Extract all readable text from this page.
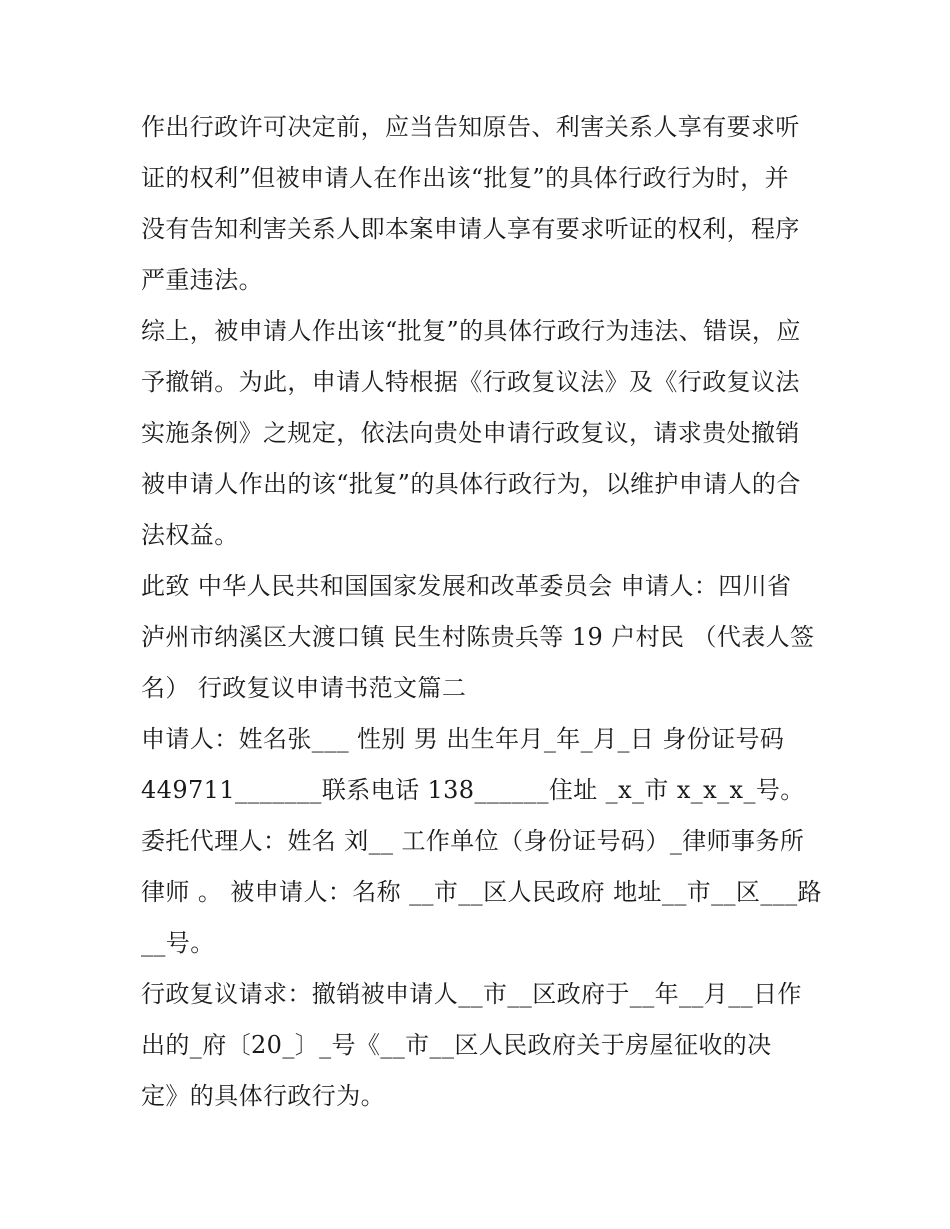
作出行政许可决定前，应当告知原告、利害关系人享有要求听
证的权利”但被申请人在作出该“批复”的具体行政行为时，并
没有告知利害关系人即本案申请人享有要求听证的权利，程序
严重违法。
综上，被申请人作出该“批复”的具体行政行为违法、错误，应
予撤销。为此，申请人特根据《行政复议法》及《行政复议法
实施条例》之规定，依法向贵处申请行政复议，请求贵处撤销
被申请人作出的该“批复”的具体行政行为，以维护申请人的合
法权益。
此致 中华人民共和国国家发展和改革委员会 申请人：四川省
泸州市纳溪区大渡口镇 民生村陈贵兵等 19 户村民 （代表人签
名） 行政复议申请书范文篇二
申请人：姓名张___ 性别 男 出生年月_年_月_日 身份证号码
449711_______联系电话 138______住址 _x_市 x_x_x_号。
委托代理人：姓名 刘__ 工作单位（身份证号码）_律师事务所
律师 。 被申请人：名称 __市__区人民政府 地址__市__区___路
__号。
行政复议请求：撤销被申请人__市__区政府于__年__月__日作
出的_府〔20_〕_号《__市__区人民政府关于房屋征收的决
定》的具体行政行为。
